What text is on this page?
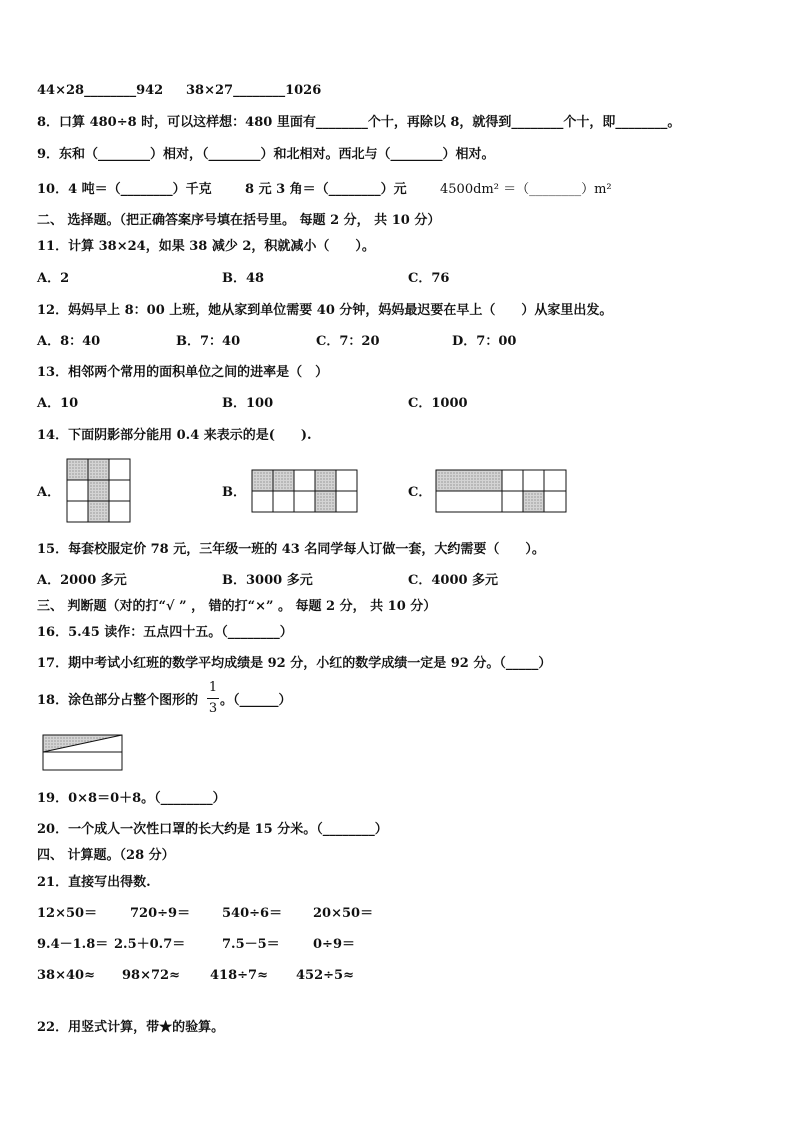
44×28________942 38×27________1026
8．口算 480÷8 时，可以这样想：480 里面有________个十，再除以 8，就得到________个十，即________。
9．东和（________）相对，（________）和北相对。西北与（________）相对。
10．4 吨＝（________）千克	8 元 3 角＝（________）元	4500dm² ＝（________）m²
二、 选择题。（把正确答案序号填在括号里。 每题 2 分， 共 10 分）
11．计算 38×24，如果 38 减少 2，积就减小（　　）。
A．2	B．48	C．76
12．妈妈早上 8：00 上班，她从家到单位需要 40 分钟，妈妈最迟要在早上（　　）从家里出发。
A．8：40	B．7：40	C．7：20	D．7：00
13．相邻两个常用的面积单位之间的进率是（　）
A．10	B．100	C．1000
14．下面阴影部分能用 0.4 来表示的是(　　).
A．	B．	C．
15．每套校服定价 78 元，三年级一班的 43 名同学每人订做一套，大约需要（　　）。
A．2000 多元	B．3000 多元	C．4000 多元
三、 判断题（对的打“√ ” ， 错的打“×” 。 每题 2 分， 共 10 分）
16．5.45 读作：五点四十五。（________）
17．期中考试小红班的数学平均成绩是 92 分，小红的数学成绩一定是 92 分。（_____）
18．涂色部分占整个图形的
1
3
。（______）
19．0×8＝0＋8。（________）
20．一个成人一次性口罩的长大约是 15 分米。（________）
四、 计算题。（28 分）
21．直接写出得数.
12×50＝	720÷9＝ 540÷6＝ 20×50＝
9.4－1.8＝ 2.5＋0.7＝	7.5－5＝	0÷9＝
38×40≈ 98×72≈ 418÷7≈ 452÷5≈
22．用竖式计算，带★的验算。
